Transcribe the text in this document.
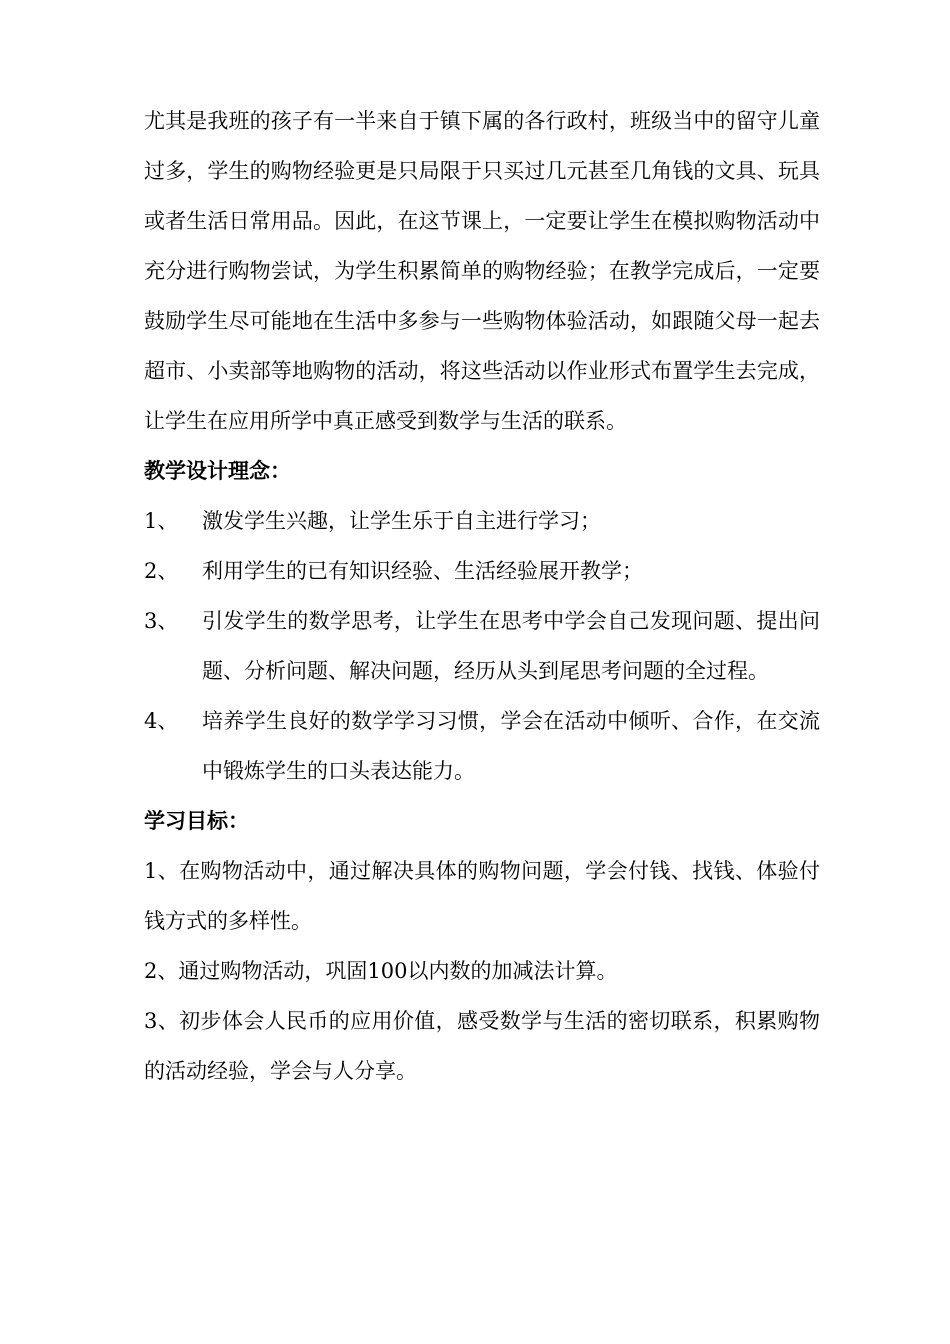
尤其是我班的孩子有一半来自于镇下属的各行政村，班级当中的留守儿童过多，学生的购物经验更是只局限于只买过几元甚至几角钱的文具、玩具或者生活日常用品。因此，在这节课上，一定要让学生在模拟购物活动中充分进行购物尝试，为学生积累简单的购物经验；在教学完成后，一定要鼓励学生尽可能地在生活中多参与一些购物体验活动，如跟随父母一起去超市、小卖部等地购物的活动，将这些活动以作业形式布置学生去完成，让学生在应用所学中真正感受到数学与生活的联系。

教学设计理念：

1、	激发学生兴趣，让学生乐于自主进行学习；
2、	利用学生的已有知识经验、生活经验展开教学；
3、	引发学生的数学思考，让学生在思考中学会自己发现问题、提出问题、分析问题、解决问题，经历从头到尾思考问题的全过程。
4、	培养学生良好的数学学习习惯，学会在活动中倾听、合作，在交流中锻炼学生的口头表达能力。

学习目标：

1、在购物活动中，通过解决具体的购物问题，学会付钱、找钱、体验付钱方式的多样性。

2、通过购物活动，巩固100以内数的加减法计算。

3、初步体会人民币的应用价值，感受数学与生活的密切联系，积累购物的活动经验，学会与人分享。
